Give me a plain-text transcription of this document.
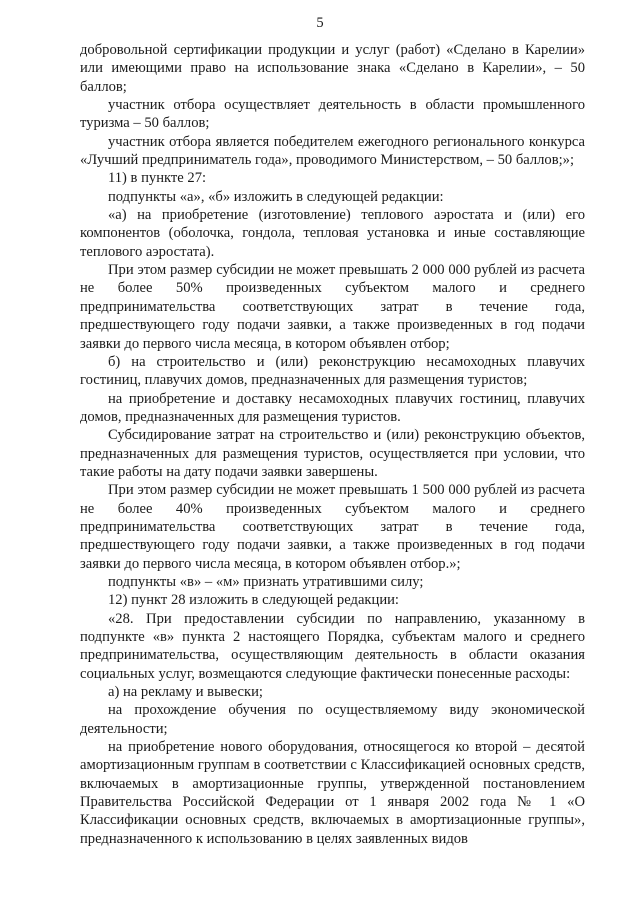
5

добровольной сертификации продукции и услуг (работ) «Сделано в Карелии» или имеющими право на использование знака «Сделано в Карелии», – 50 баллов;

участник отбора осуществляет деятельность в области промышленного туризма – 50 баллов;

участник отбора является победителем ежегодного регионального конкурса «Лучший предприниматель года», проводимого Министерством, – 50 баллов;»;

11) в пункте 27:

подпункты «а», «б» изложить в следующей редакции:

«а) на приобретение (изготовление) теплового аэростата и (или) его компонентов (оболочка, гондола, тепловая установка и иные составляющие теплового аэростата).

При этом размер субсидии не может превышать 2 000 000 рублей из расчета не более 50% произведенных субъектом малого и среднего предпринимательства соответствующих затрат в течение года, предшествующего году подачи заявки, а также произведенных в год подачи заявки до первого числа месяца, в котором объявлен отбор;

б) на строительство и (или) реконструкцию несамоходных плавучих гостиниц, плавучих домов, предназначенных для размещения туристов;

на приобретение и доставку несамоходных плавучих гостиниц, плавучих домов, предназначенных для размещения туристов.

Субсидирование затрат на строительство и (или) реконструкцию объектов, предназначенных для размещения туристов, осуществляется при условии, что такие работы на дату подачи заявки завершены.

При этом размер субсидии не может превышать 1 500 000 рублей из расчета не более 40% произведенных субъектом малого и среднего предпринимательства соответствующих затрат в течение года, предшествующего году подачи заявки, а также произведенных в год подачи заявки до первого числа месяца, в котором объявлен отбор.»;

подпункты «в» – «м» признать утратившими силу;

12) пункт 28 изложить в следующей редакции:

«28. При предоставлении субсидии по направлению, указанному в подпункте «в» пункта 2 настоящего Порядка, субъектам малого и среднего предпринимательства, осуществляющим деятельность в области оказания социальных услуг, возмещаются следующие фактически понесенные расходы:

а) на рекламу и вывески;

на прохождение обучения по осуществляемому виду экономической деятельности;

на приобретение нового оборудования, относящегося ко второй – десятой амортизационным группам в соответствии с Классификацией основных средств, включаемых в амортизационные группы, утвержденной постановлением Правительства Российской Федерации от 1 января 2002 года № 1 «О Классификации основных средств, включаемых в амортизационные группы», предназначенного к использованию в целях заявленных видов
